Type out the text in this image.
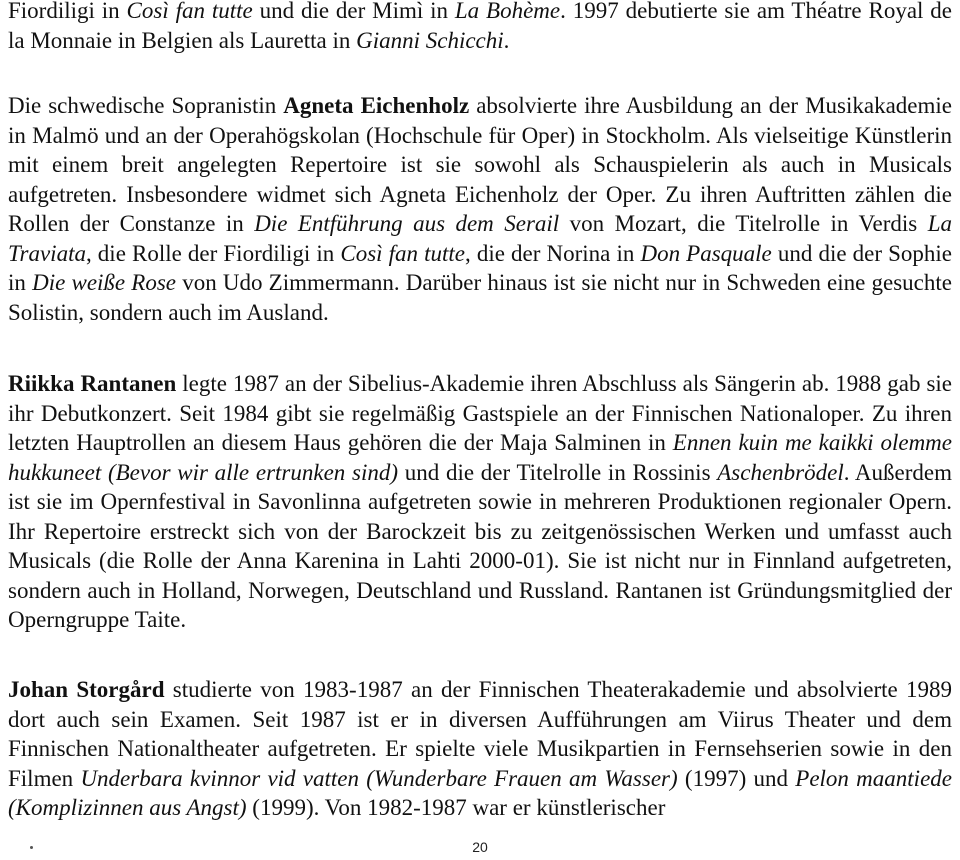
Fiordiligi in Così fan tutte und die der Mimì in La Bohème. 1997 debutierte sie am Théatre Royal de la Monnaie in Belgien als Lauretta in Gianni Schicchi.

Die schwedische Sopranistin Agneta Eichenholz absolvierte ihre Ausbildung an der Musikakademie in Malmö und an der Operahögskolan (Hochschule für Oper) in Stockholm. Als vielseitige Künstlerin mit einem breit angelegten Repertoire ist sie sowohl als Schauspielerin als auch in Musicals aufgetreten. Insbesondere widmet sich Agneta Eichenholz der Oper. Zu ihren Auftritten zählen die Rollen der Constanze in Die Entführung aus dem Serail von Mozart, die Titelrolle in Verdis La Traviata, die Rolle der Fiordiligi in Così fan tutte, die der Norina in Don Pasquale und die der Sophie in Die weiße Rose von Udo Zimmermann. Darüber hinaus ist sie nicht nur in Schweden eine gesuchte Solistin, sondern auch im Ausland.

Riikka Rantanen legte 1987 an der Sibelius-Akademie ihren Abschluss als Sängerin ab. 1988 gab sie ihr Debutkonzert. Seit 1984 gibt sie regelmäßig Gastspiele an der Finnischen Nationaloper. Zu ihren letzten Hauptrollen an diesem Haus gehören die der Maja Salminen in Ennen kuin me kaikki olemme hukkuneet (Bevor wir alle ertrunken sind) und die der Titelrolle in Rossinis Aschenbrödel. Außerdem ist sie im Opernfestival in Savonlinna aufgetreten sowie in mehreren Produktionen regionaler Opern. Ihr Repertoire erstreckt sich von der Barockzeit bis zu zeitgenössischen Werken und umfasst auch Musicals (die Rolle der Anna Karenina in Lahti 2000-01). Sie ist nicht nur in Finnland aufgetreten, sondern auch in Holland, Norwegen, Deutschland und Russland. Rantanen ist Gründungsmitglied der Operngruppe Taite.

Johan Storgård studierte von 1983-1987 an der Finnischen Theaterakademie und absolvierte 1989 dort auch sein Examen. Seit 1987 ist er in diversen Aufführungen am Viirus Theater und dem Finnischen Nationaltheater aufgetreten. Er spielte viele Musikpartien in Fernsehserien sowie in den Filmen Underbara kvinnor vid vatten (Wunderbare Frauen am Wasser) (1997) und Pelon maantiede (Komplizinnen aus Angst) (1999). Von 1982-1987 war er künstlerischer

20
